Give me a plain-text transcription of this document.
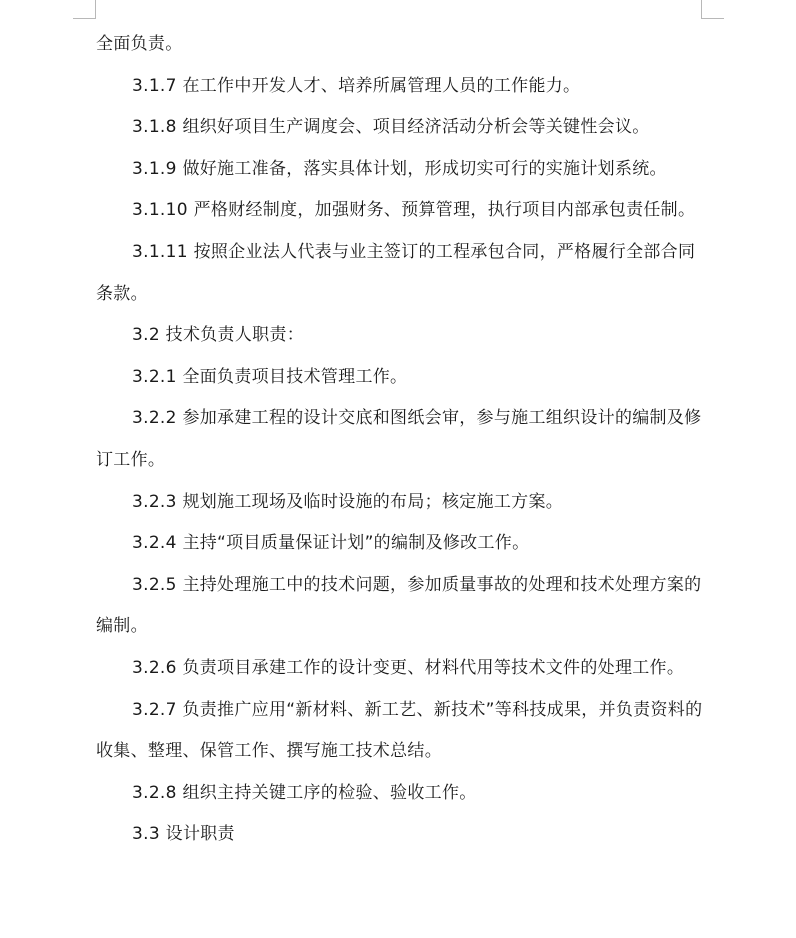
全面负责。

3.1.7 在工作中开发人才、培养所属管理人员的工作能力。

3.1.8 组织好项目生产调度会、项目经济活动分析会等关键性会议。

3.1.9 做好施工准备，落实具体计划，形成切实可行的实施计划系统。

3.1.10 严格财经制度，加强财务、预算管理，执行项目内部承包责任制。

3.1.11 按照企业法人代表与业主签订的工程承包合同，严格履行全部合同条款。

3.2 技术负责人职责：

3.2.1 全面负责项目技术管理工作。

3.2.2 参加承建工程的设计交底和图纸会审，参与施工组织设计的编制及修订工作。

3.2.3 规划施工现场及临时设施的布局；核定施工方案。

3.2.4 主持“项目质量保证计划”的编制及修改工作。

3.2.5 主持处理施工中的技术问题，参加质量事故的处理和技术处理方案的编制。

3.2.6 负责项目承建工作的设计变更、材料代用等技术文件的处理工作。

3.2.7 负责推广应用“新材料、新工艺、新技术”等科技成果，并负责资料的收集、整理、保管工作、撰写施工技术总结。

3.2.8 组织主持关键工序的检验、验收工作。

3.3 设计职责
